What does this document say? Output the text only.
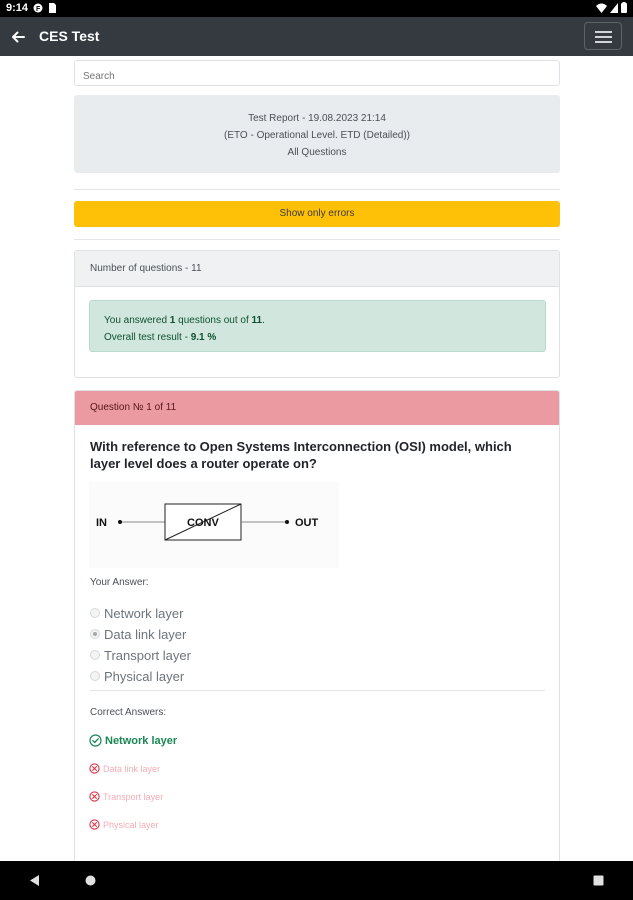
9:14 F
CES Test
Search
Test Report - 19.08.2023 21:14
(ETO - Operational Level. ETD (Detailed))
All Questions
Show only errors
Number of questions - 11
You answered 1 questions out of 11.
Overall test result - 9.1 %
Question № 1 of 11
With reference to Open Systems Interconnection (OSI) model, which layer level does a router operate on?
IN	CONV	OUT
Your Answer:
Network layer
Data link layer
Transport layer
Physical layer
Correct Answers:
Network layer
Data link layer
Transport layer
Physical layer
